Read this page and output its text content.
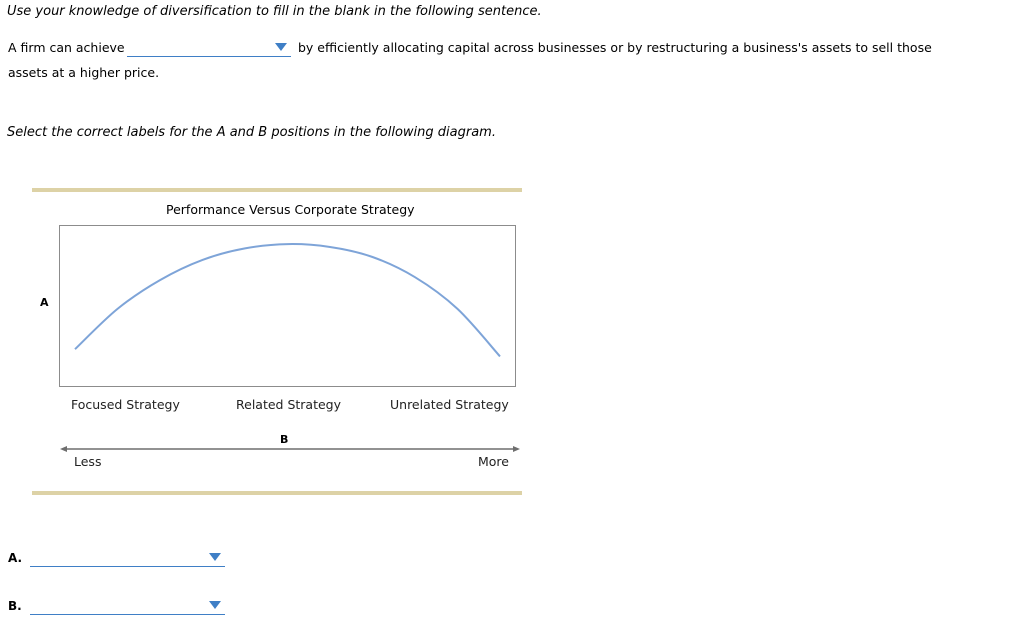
Use your knowledge of diversification to fill in the blank in the following sentence.
A firm can achieve	by efficiently allocating capital across businesses or by restructuring a business's assets to sell those
assets at a higher price.
Select the correct labels for the A and B positions in the following diagram.
Performance Versus Corporate Strategy
A
Focused Strategy	Related Strategy	Unrelated Strategy
B
Less	More
A.
B.
